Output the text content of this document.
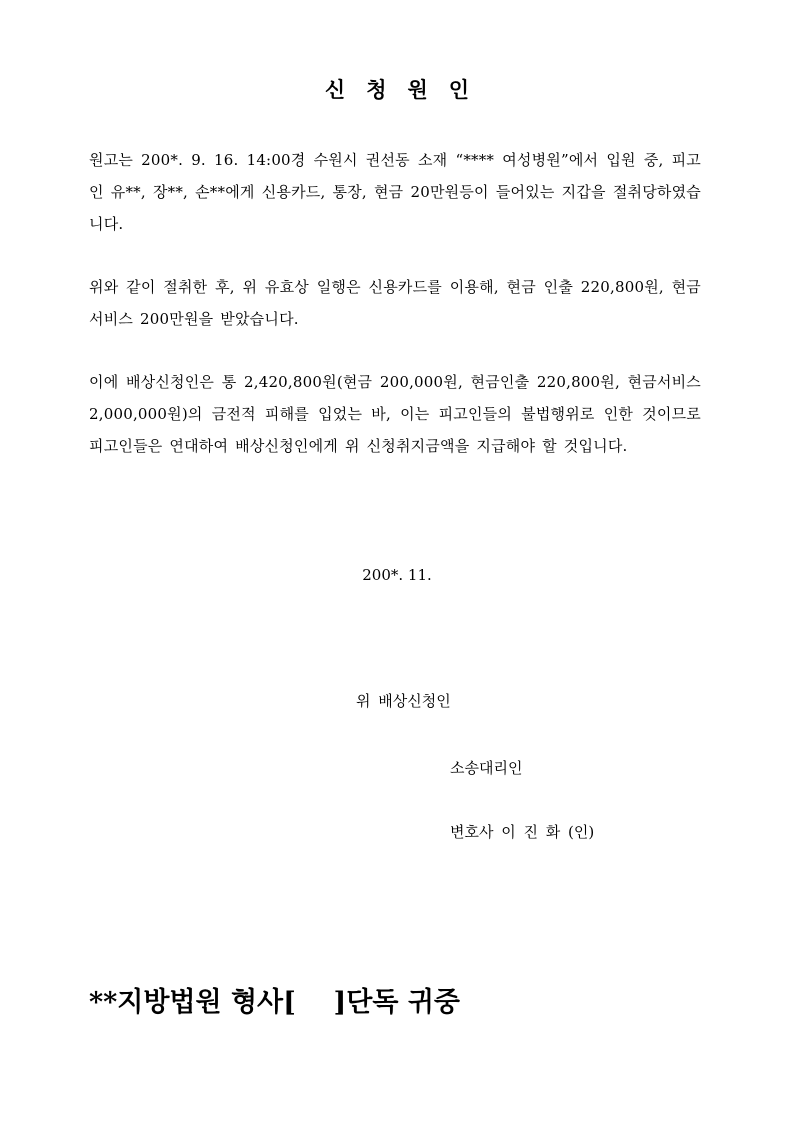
신청원인
원고는 200*. 9. 16. 14:00경 수원시 권선동 소재 “**** 여성병원”에서 입원 중, 피고인 유**, 장**, 손**에게 신용카드, 통장, 현금 20만원등이 들어있는 지갑을 절취당하였습니다.
위와 같이 절취한 후, 위 유효상 일행은 신용카드를 이용해, 현금 인출 220,800원, 현금서비스 200만원을 받았습니다.
이에 배상신청인은 통 2,420,800원(현금 200,000원, 현금인출 220,800원, 현금서비스 2,000,000원)의 금전적 피해를 입었는 바, 이는 피고인들의 불법행위로 인한 것이므로 피고인들은 연대하여 배상신청인에게 위 신청취지금액을 지급해야 할 것입니다.
200*. 11.
위 배상신청인
소송대리인
변호사 이 진 화 (인)
**지방법원 형사[    ]단독 귀중
